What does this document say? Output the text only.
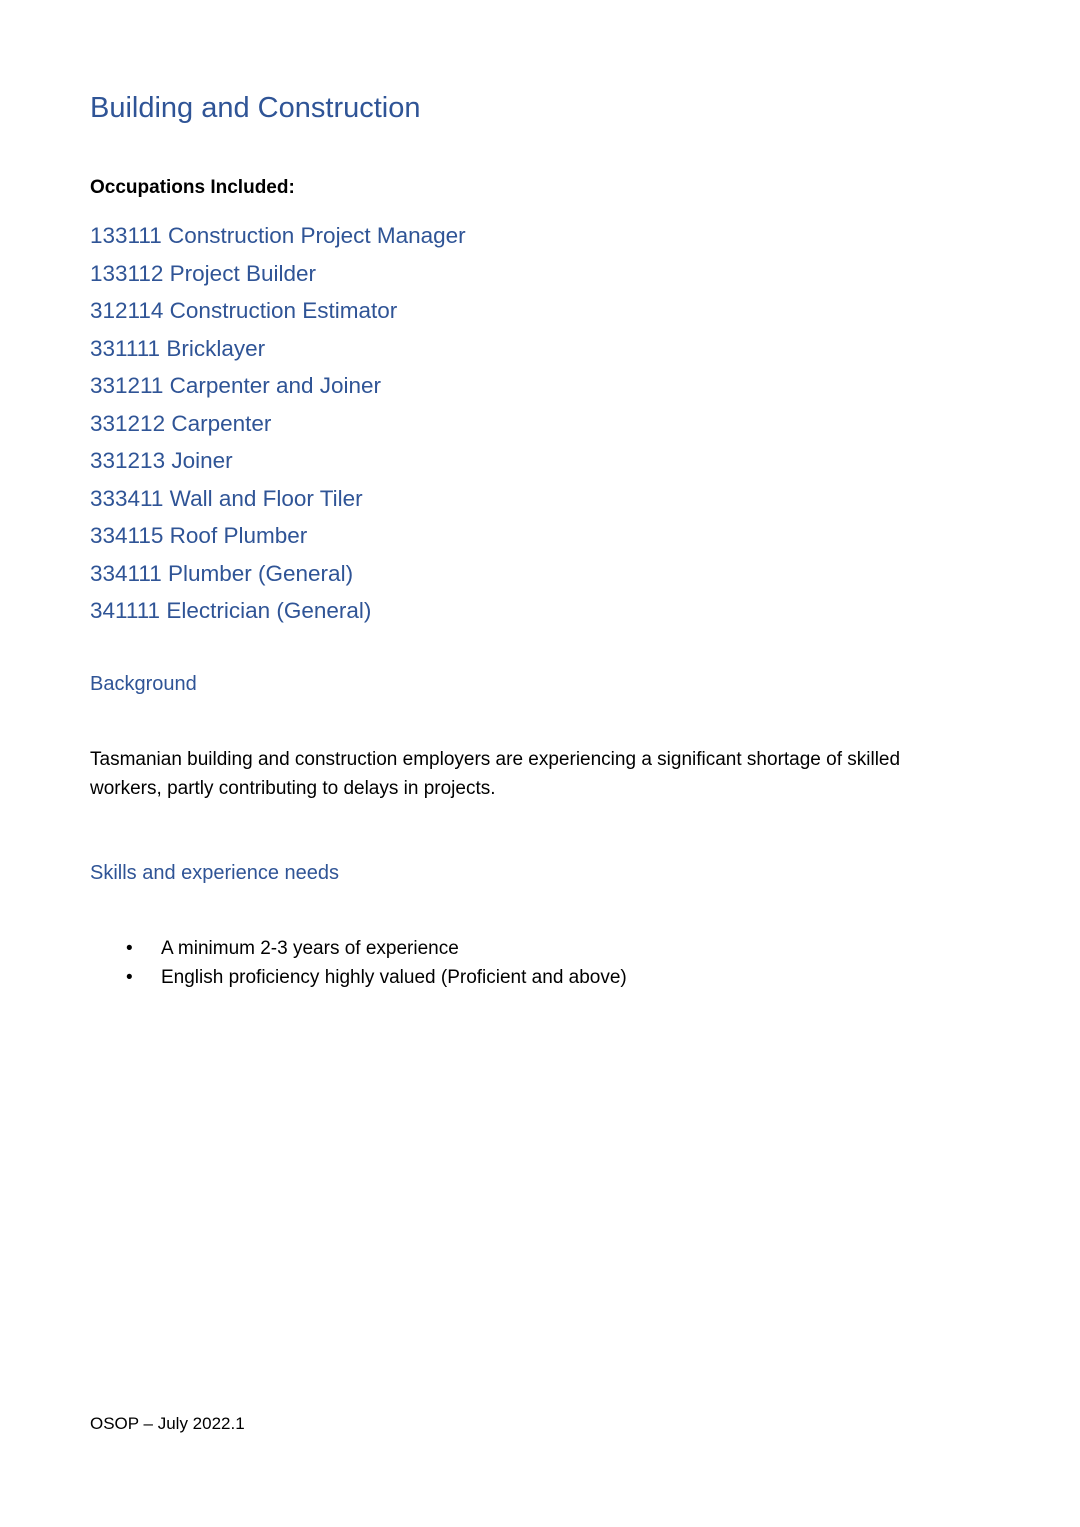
Building and Construction
Occupations Included:
133111 Construction Project Manager
133112 Project Builder
312114 Construction Estimator
331111 Bricklayer
331211 Carpenter and Joiner
331212 Carpenter
331213 Joiner
333411 Wall and Floor Tiler
334115 Roof Plumber
334111 Plumber (General)
341111 Electrician (General)
Background

Tasmanian building and construction employers are experiencing a significant shortage of skilled workers, partly contributing to delays in projects.

Skills and experience needs
• A minimum 2-3 years of experience
• English proficiency highly valued (Proficient and above)
OSOP – July 2022.1
